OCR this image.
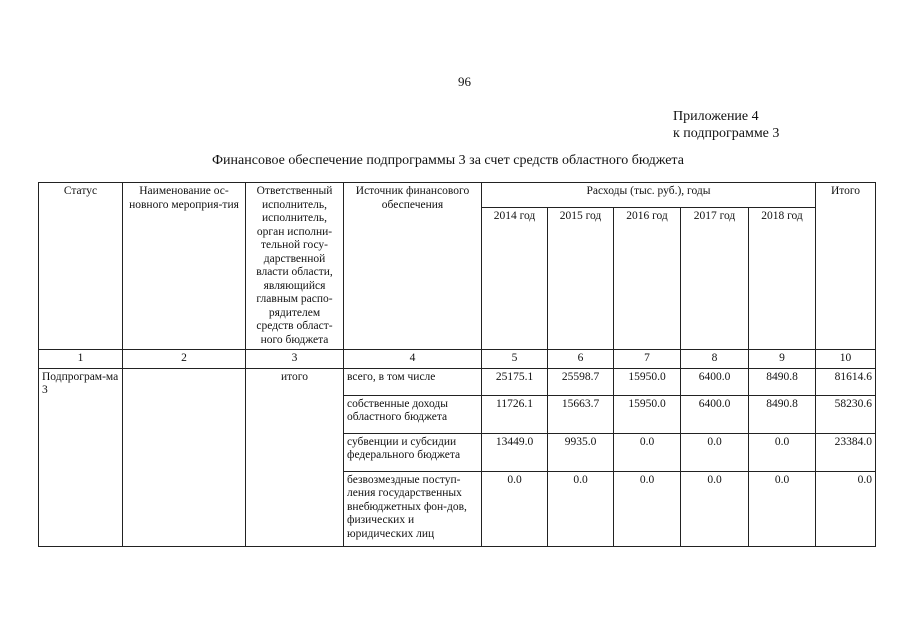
96
Приложение 4
к подпрограмме 3
Финансовое обеспечение подпрограммы 3 за счет средств областного бюджета
Статус	Наименование ос-новного мероприя-тия	Ответственный исполнитель, исполнитель, орган исполни-тельной госу-дарственной власти области, являющийся главным распо-рядителем средств област-ного бюджета	Источник финансового обеспечения	Расходы (тыс. руб.), годы					Итого
				2014 год	2015 год	2016 год	2017 год	2018 год	
1	2	3	4	5	6	7	8	9	10
Подпрограм-ма 3		итого	всего, в том числе	25175.1	25598.7	15950.0	6400.0	8490.8	81614.6
			собственные доходы областного бюджета	11726.1	15663.7	15950.0	6400.0	8490.8	58230.6
			субвенции и субсидии федерального бюджета	13449.0	9935.0	0.0	0.0	0.0	23384.0
			безвозмездные поступ-ления государственных внебюджетных фон-дов, физических и юридических лиц	0.0	0.0	0.0	0.0	0.0	0.0
